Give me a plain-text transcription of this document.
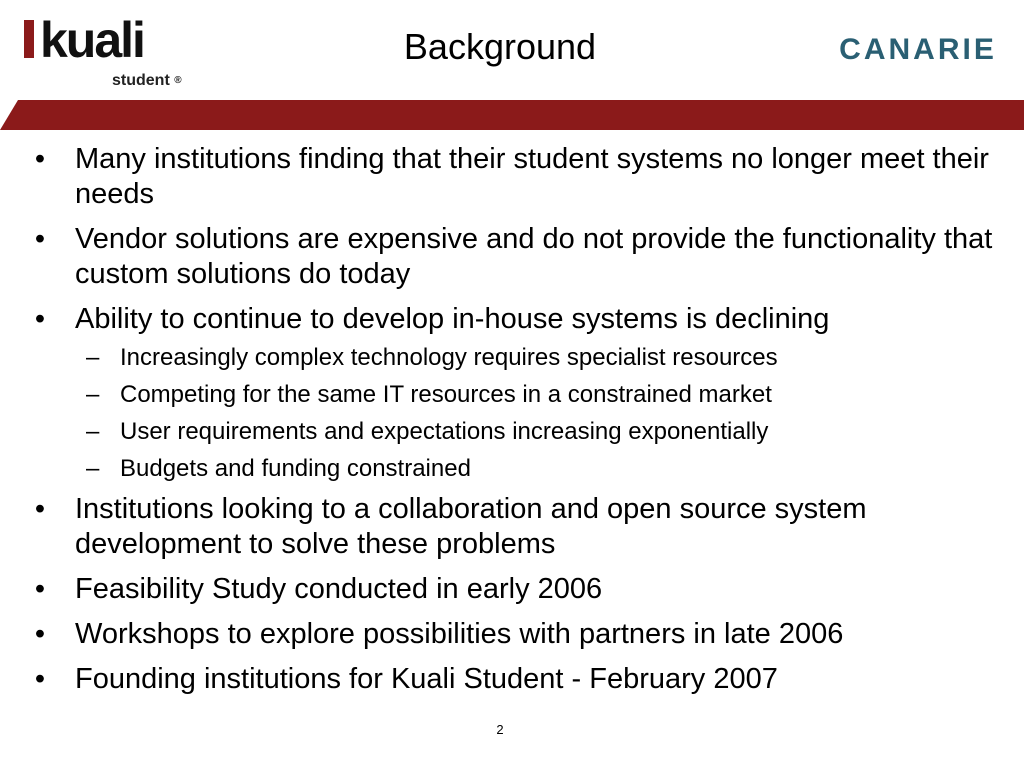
kuali
student ®
Background	CANARIE
• Many institutions finding that their student systems no longer meet their needs
• Vendor solutions are expensive and do not provide the functionality that custom solutions do today
• Ability to continue to develop in-house systems is declining
– Increasingly complex technology requires specialist resources
– Competing for the same IT resources in a constrained market
– User requirements and expectations increasing exponentially
– Budgets and funding constrained
• Institutions looking to a collaboration and open source system development to solve these problems
• Feasibility Study conducted in early 2006
• Workshops to explore possibilities with partners in late 2006
• Founding institutions for Kuali Student - February 2007
2
